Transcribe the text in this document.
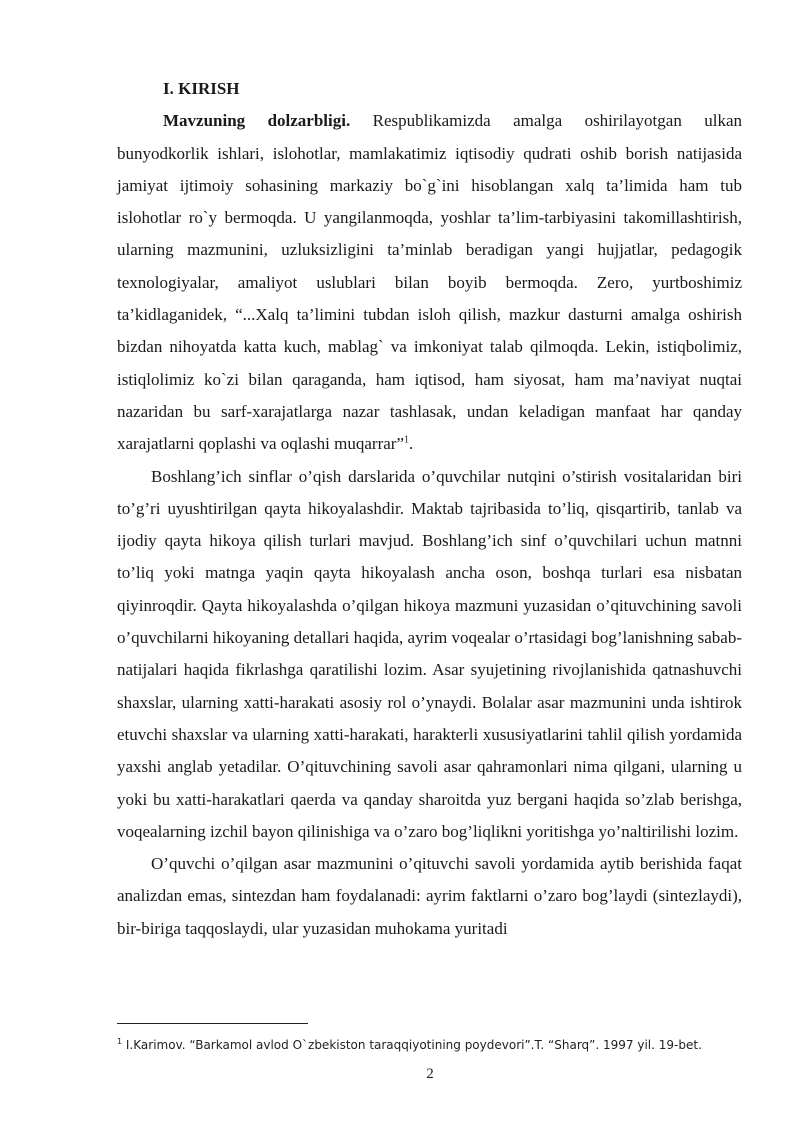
I. KIRISH

Mavzuning dolzarbligi. Respublikamizda amalga oshirilayotgan ulkan bunyodkorlik ishlari, islohotlar, mamlakatimiz iqtisodiy qudrati oshib borish natijasida jamiyat ijtimoiy sohasining markaziy bo`g`ini hisoblangan xalq ta’limida ham tub islohotlar ro`y bermoqda. U yangilanmoqda, yoshlar ta’lim-tarbiyasini takomillashtirish, ularning mazmunini, uzluksizligini ta’minlab beradigan yangi hujjatlar, pedagogik texnologiyalar, amaliyot uslublari bilan boyib bermoqda. Zero, yurtboshimiz ta’kidlaganidek, “...Xalq ta’limini tubdan isloh qilish, mazkur dasturni amalga oshirish bizdan nihoyatda katta kuch, mablag` va imkoniyat talab qilmoqda. Lekin, istiqbolimiz, istiqlolimiz ko`zi bilan qaraganda, ham iqtisod, ham siyosat, ham ma’naviyat nuqtai nazaridan bu sarf-xarajatlarga nazar tashlasak, undan keladigan manfaat har qanday xarajatlarni qoplashi va oqlashi muqarrar”$^1$.

Boshlang’ich sinflar o’qish darslarida o’quvchilar nutqini o’stirish vositalaridan biri to’g’ri uyushtirilgan qayta hikoyalashdir. Maktab tajribasida to’liq, qisqartirib, tanlab va ijodiy qayta hikoya qilish turlari mavjud. Boshlang’ich sinf o’quvchilari uchun matnni to’liq yoki matnga yaqin qayta hikoyalash ancha oson, boshqa turlari esa nisbatan qiyinroqdir. Qayta hikoyalashda o’qilgan hikoya mazmuni yuzasidan o’qituvchining savoli o’quvchilarni hikoyaning detallari haqida, ayrim voqealar o’rtasidagi bog’lanishning sabab-natijalari haqida fikrlashga qaratilishi lozim. Asar syujetining rivojlanishida qatnashuvchi shaxslar, ularning xatti-harakati asosiy rol o’ynaydi. Bolalar asar mazmunini unda ishtirok etuvchi shaxslar va ularning xatti-harakati, harakterli xususiyatlarini tahlil qilish yordamida yaxshi anglab yetadilar. O’qituvchining savoli asar qahramonlari nima qilgani, ularning u yoki bu xatti-harakatlari qaerda va qanday sharoitda yuz bergani haqida so’zlab berishga, voqealarning izchil bayon qilinishiga va o’zaro bog’liqlikni yoritishga yo’naltirilishi lozim.

O’quvchi o’qilgan asar mazmunini o’qituvchi savoli yordamida aytib berishida faqat analizdan emas, sintezdan ham foydalanadi: ayrim faktlarni o’zaro bog’laydi (sintezlaydi), bir-biriga taqqoslaydi, ular yuzasidan muhokama yuritadi

$^1$ I.Karimov. “Barkamol avlod O`zbekiston taraqqiyotining poydevori”.T. “Sharq”. 1997 yil. 19-bet.
2
